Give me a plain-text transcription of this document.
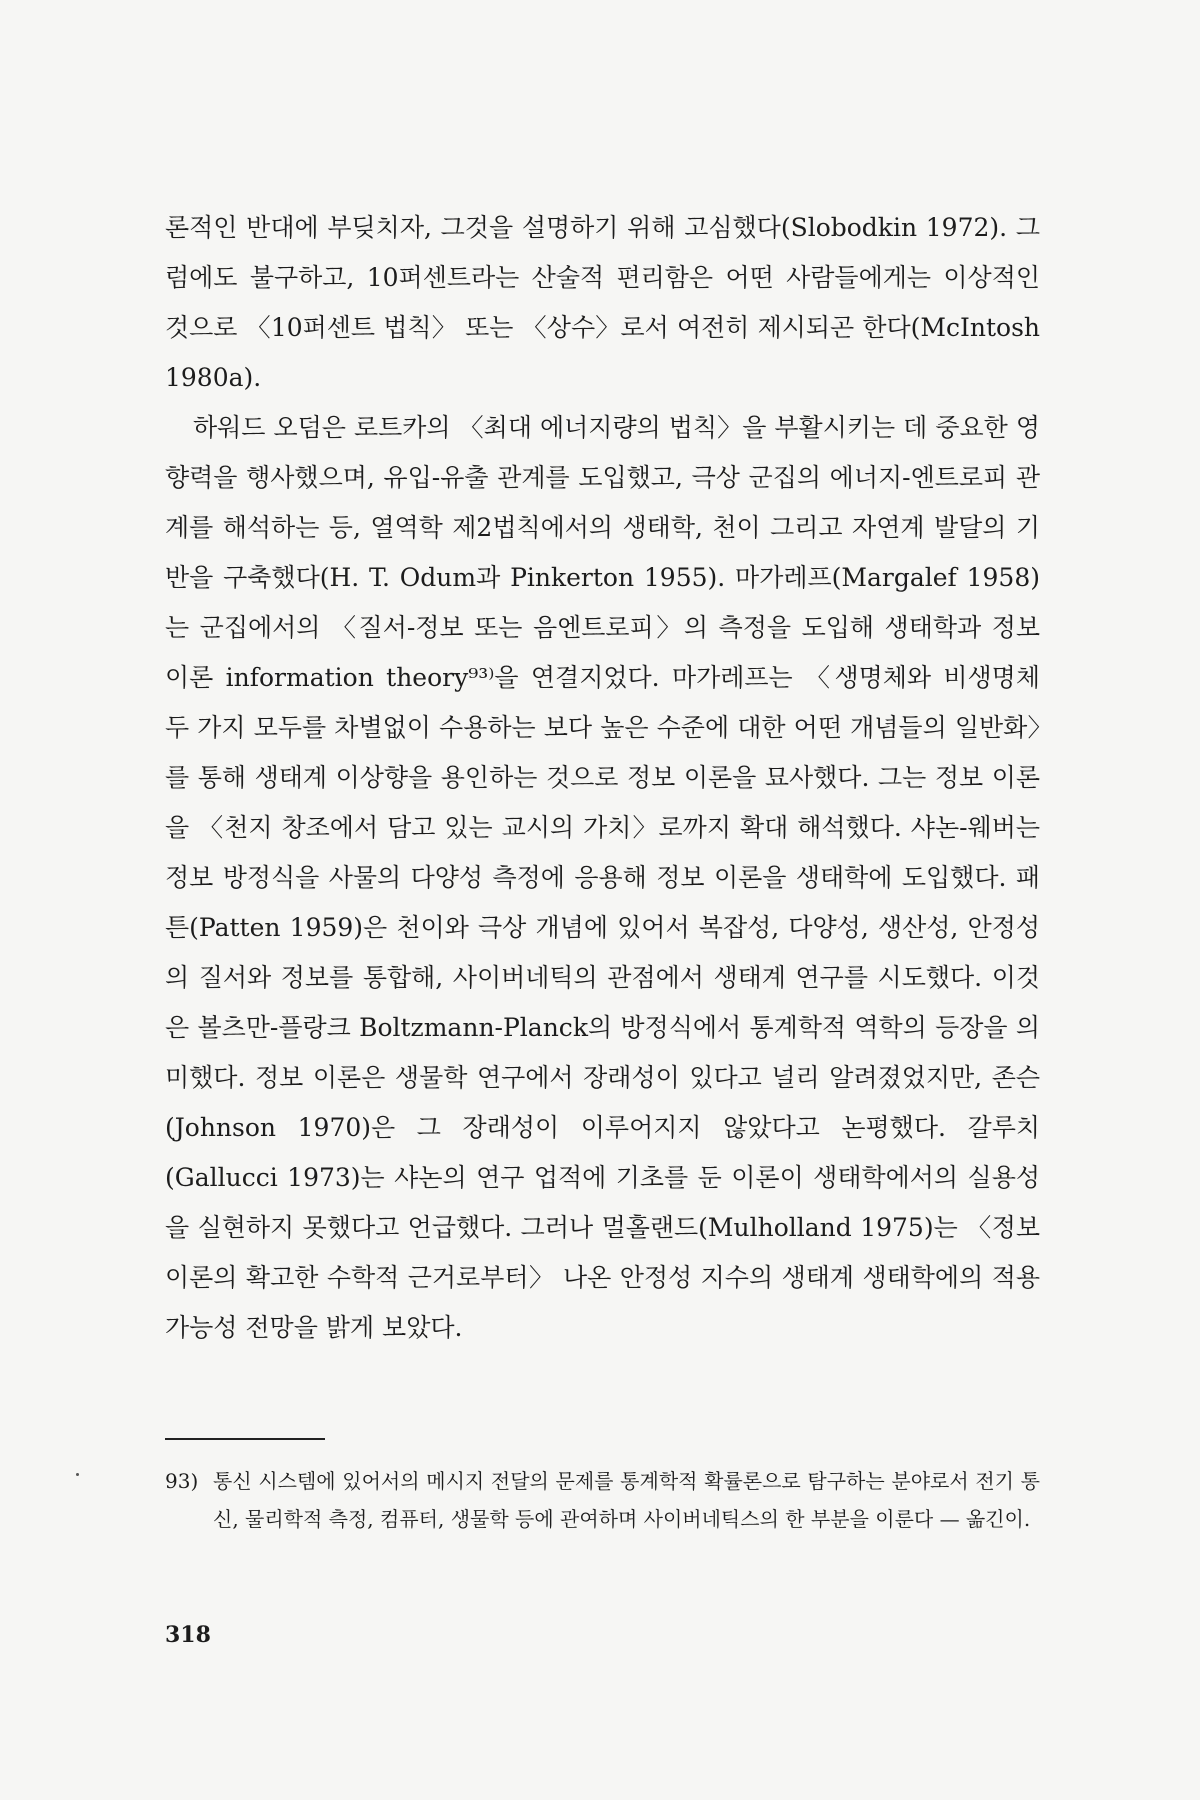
론적인 반대에 부딪치자, 그것을 설명하기 위해 고심했다(Slobodkin 1972). 그럼에도 불구하고, 10퍼센트라는 산술적 편리함은 어떤 사람들에게는 이상적인 것으로 〈10퍼센트 법칙〉 또는 〈상수〉로서 여전히 제시되곤 한다(McIntosh 1980a).

하워드 오덤은 로트카의 〈최대 에너지량의 법칙〉을 부활시키는 데 중요한 영향력을 행사했으며, 유입-유출 관계를 도입했고, 극상 군집의 에너지-엔트로피 관계를 해석하는 등, 열역학 제2법칙에서의 생태학, 천이 그리고 자연계 발달의 기반을 구축했다(H. T. Odum과 Pinkerton 1955). 마가레프(Margalef 1958)는 군집에서의 〈질서-정보 또는 음엔트로피〉의 측정을 도입해 생태학과 정보 이론 information theory⁹³⁾을 연결지었다. 마가레프는 〈생명체와 비생명체 두 가지 모두를 차별없이 수용하는 보다 높은 수준에 대한 어떤 개념들의 일반화〉를 통해 생태계 이상향을 용인하는 것으로 정보 이론을 묘사했다. 그는 정보 이론을 〈천지 창조에서 담고 있는 교시의 가치〉로까지 확대 해석했다. 샤논-웨버는 정보 방정식을 사물의 다양성 측정에 응용해 정보 이론을 생태학에 도입했다. 패튼(Patten 1959)은 천이와 극상 개념에 있어서 복잡성, 다양성, 생산성, 안정성의 질서와 정보를 통합해, 사이버네틱의 관점에서 생태계 연구를 시도했다. 이것은 볼츠만-플랑크 Boltzmann-Planck의 방정식에서 통계학적 역학의 등장을 의미했다. 정보 이론은 생물학 연구에서 장래성이 있다고 널리 알려졌었지만, 존슨(Johnson 1970)은 그 장래성이 이루어지지 않았다고 논평했다. 갈루치(Gallucci 1973)는 샤논의 연구 업적에 기초를 둔 이론이 생태학에서의 실용성을 실현하지 못했다고 언급했다. 그러나 멀홀랜드(Mulholland 1975)는 〈정보 이론의 확고한 수학적 근거로부터〉 나온 안정성 지수의 생태계 생태학에의 적용 가능성 전망을 밝게 보았다.

93) 통신 시스템에 있어서의 메시지 전달의 문제를 통계학적 확률론으로 탐구하는 분야로서 전기 통신, 물리학적 측정, 컴퓨터, 생물학 등에 관여하며 사이버네틱스의 한 부분을 이룬다 — 옮긴이.

318
